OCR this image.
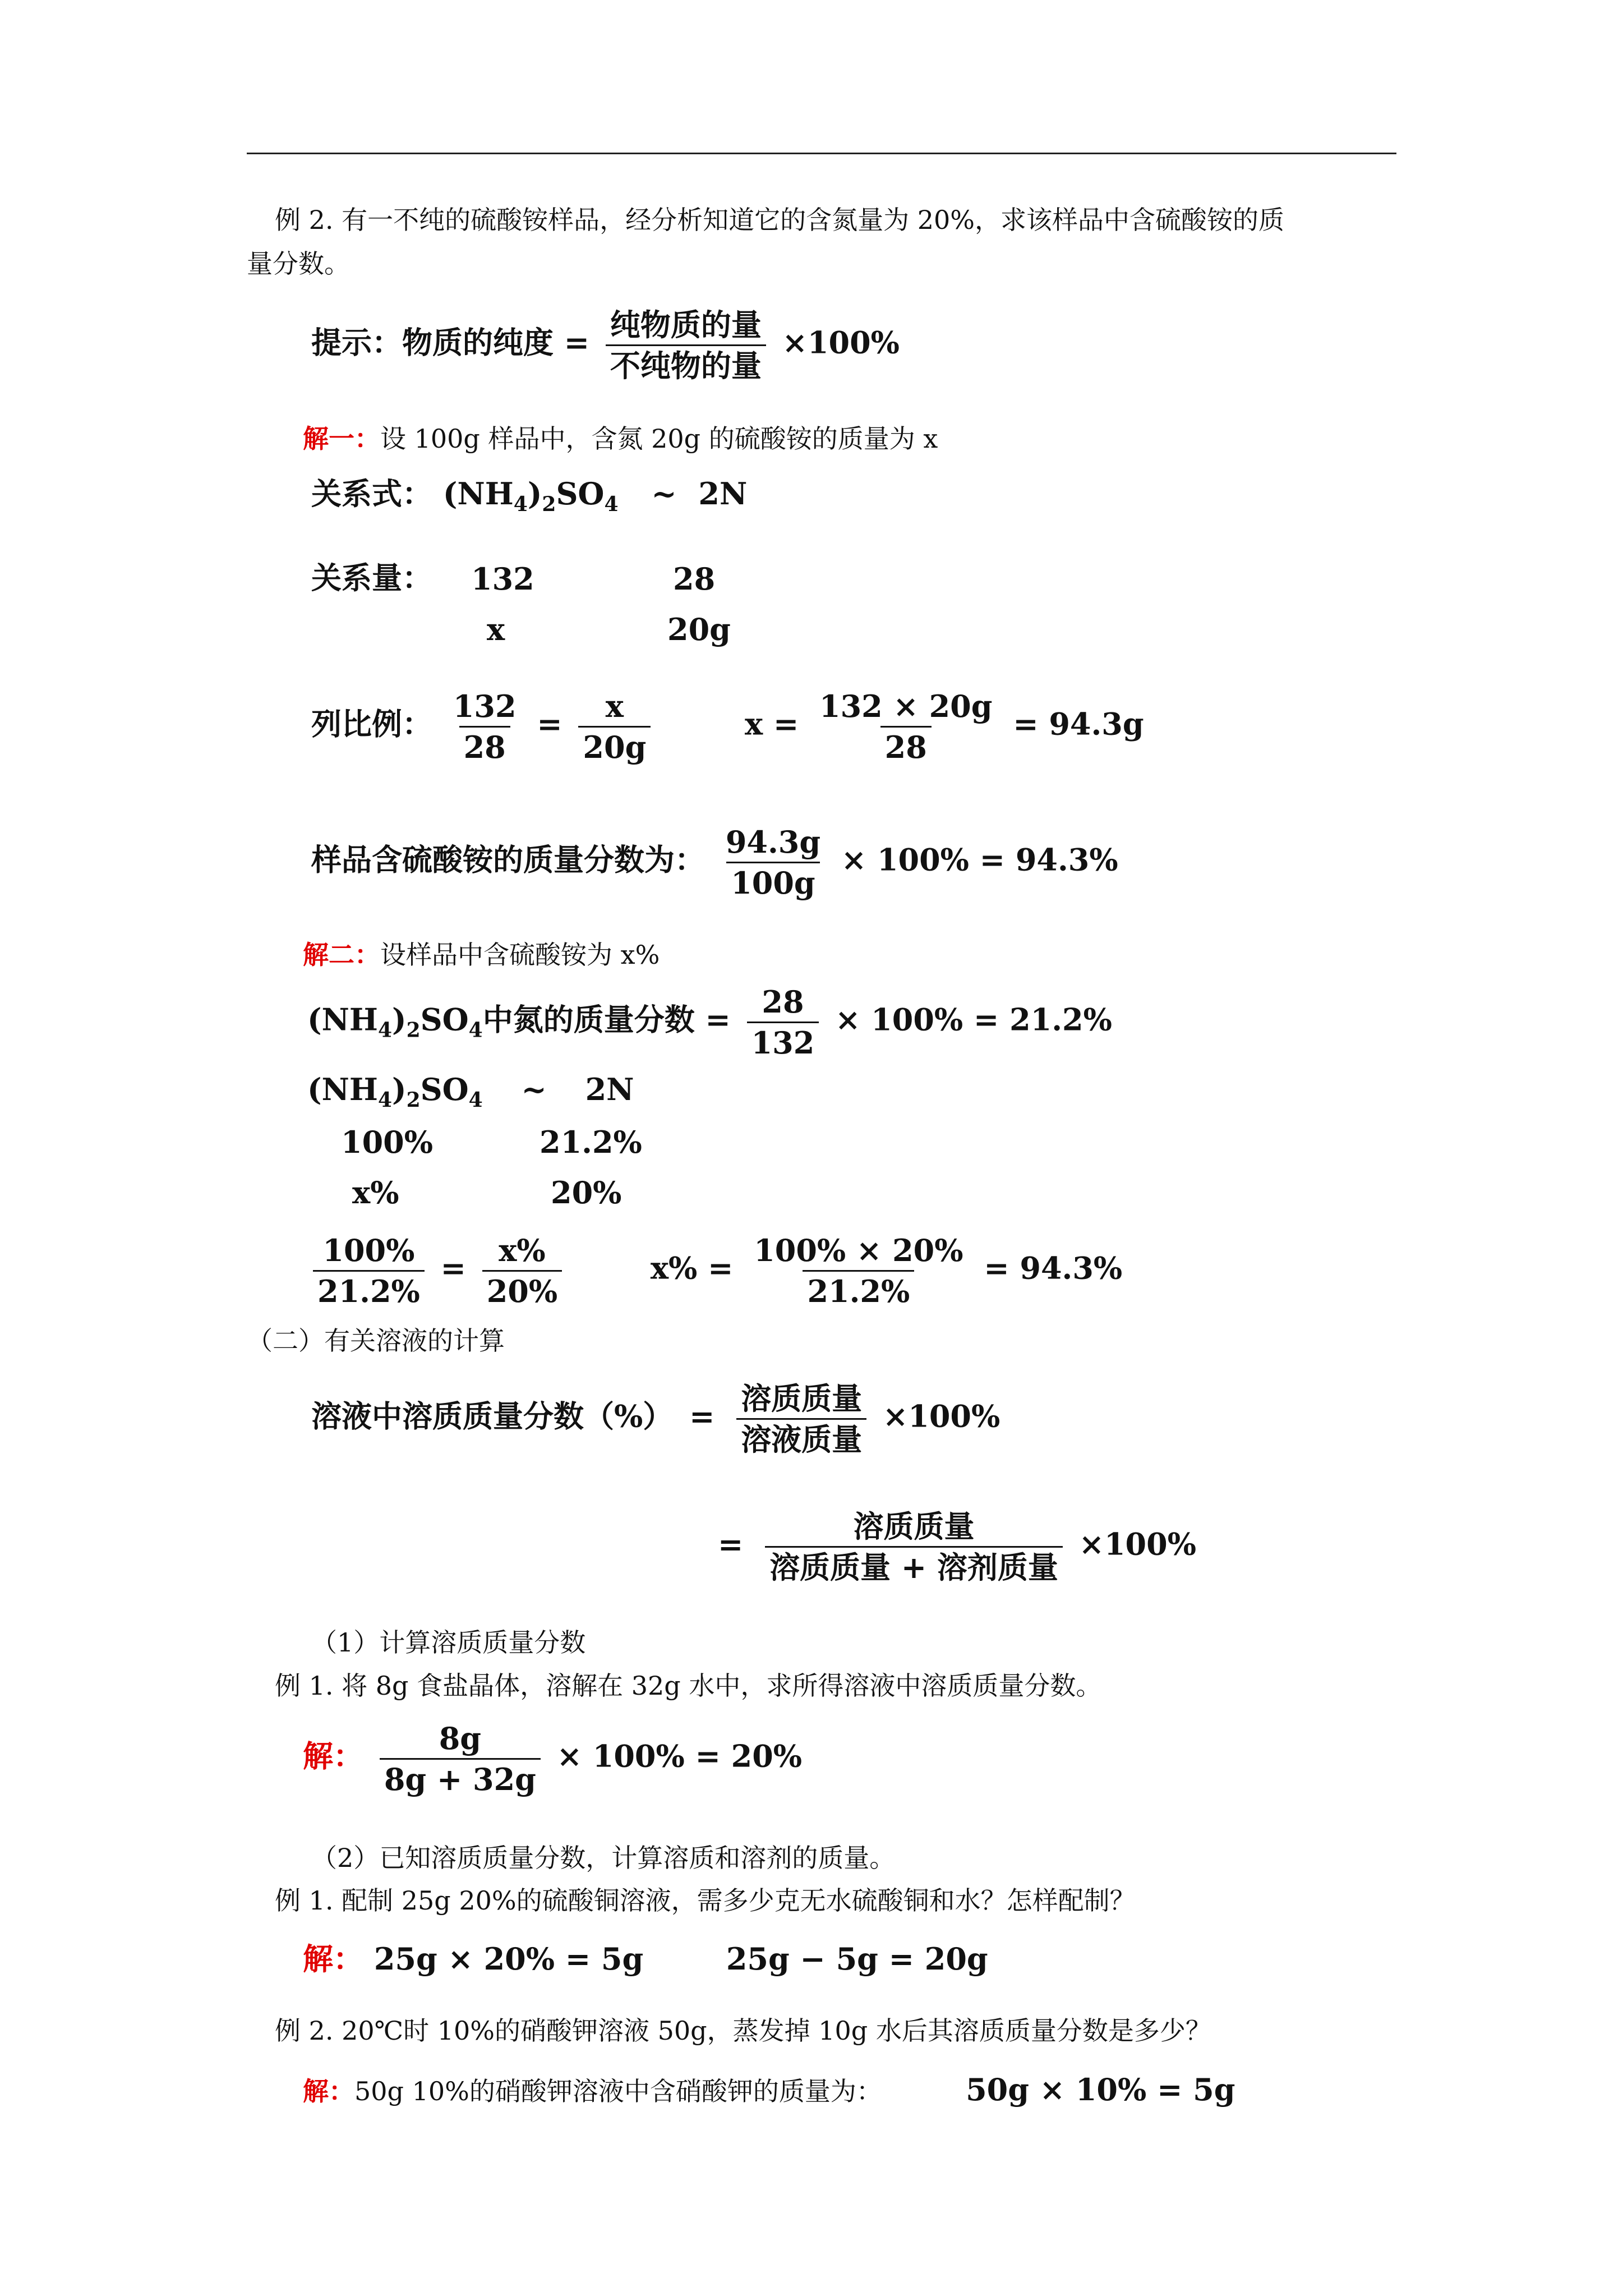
例 2. 有一不纯的硫酸铵样品，经分析知道它的含氮量为 20%，求该样品中含硫酸铵的质
量分数。
提示：物质的纯度 = $\frac{\text{纯物质的量}}{\text{不纯物的量}} \times 100\%$
解一：设 100g 样品中，含氮 20g 的硫酸铵的质量为 x
关系式： $(NH_4)_2SO_4$ ~ 2N
关系量： 132	28
x	20g
列比例： $\frac{132}{28} = \frac{x}{20g}$	$x = \frac{132 \times 20g}{28} = 94.3g$
样品含硫酸铵的质量分数为： $\frac{94.3g}{100g} \times 100\% = 94.3\%$
解二：设样品中含硫酸铵为 x%
$(NH_4)_2SO_4$中氮的质量分数 = $\frac{28}{132} \times 100\% = 21.2\%$
$(NH_4)_2SO_4$ ~ 2N
100%	21.2%
x%	20%
$\frac{100\%}{21.2\%} = \frac{x\%}{20\%}$	$x\% = \frac{100\% \times 20\%}{21.2\%} = 94.3\%$
（二）有关溶液的计算
溶液中溶质质量分数（%） = $\frac{\text{溶质质量}}{\text{溶液质量}} \times 100\%$
= $\frac{\text{溶质质量}}{\text{溶质质量 + 溶剂质量}} \times 100\%$
（1）计算溶质质量分数
例 1. 将 8g 食盐晶体，溶解在 32g 水中，求所得溶液中溶质质量分数。
解： $\frac{8g}{8g + 32g} \times 100\% = 20\%$
（2）已知溶质质量分数，计算溶质和溶剂的质量。
例 1. 配制 25g 20%的硫酸铜溶液，需多少克无水硫酸铜和水？怎样配制？
解： 25g × 20% = 5g	25g − 5g = 20g
例 2. 20℃时 10%的硝酸钾溶液 50g，蒸发掉 10g 水后其溶质质量分数是多少？
解：50g 10%的硝酸钾溶液中含硝酸钾的质量为：	50g × 10% = 5g
